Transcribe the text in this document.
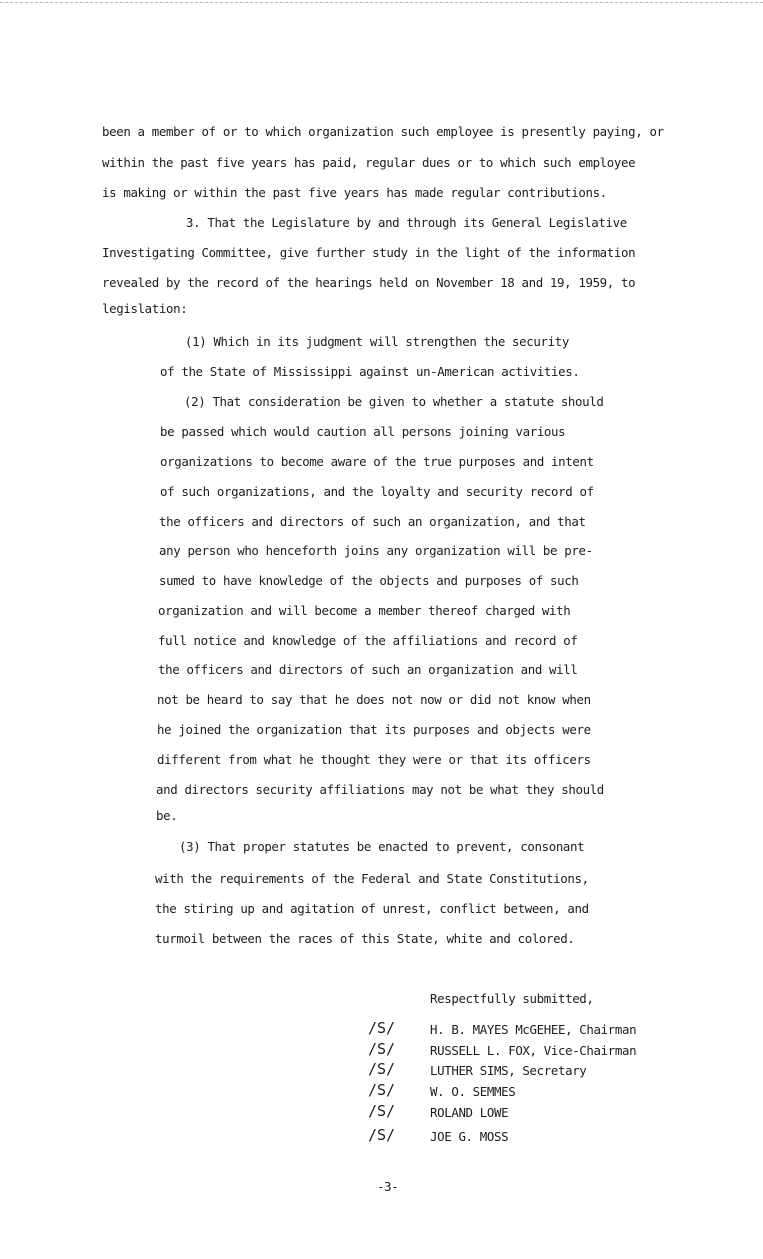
been a member of or to which organization such employee is presently paying, or
within the past five years has paid, regular dues or to which such employee
is making or within the past five years has made regular contributions.
3. That the Legislature by and through its General Legislative
Investigating Committee, give further study in the light of the information
revealed by the record of the hearings held on November 18 and 19, 1959, to
legislation:
(1) Which in its judgment will strengthen the security
of the State of Mississippi against un-American activities.
(2) That consideration be given to whether a statute should
be passed which would caution all persons joining various
organizations to become aware of the true purposes and intent
of such organizations, and the loyalty and security record of
the officers and directors of such an organization, and that
any person who henceforth joins any organization will be pre-
sumed to have knowledge of the objects and purposes of such
organization and will become a member thereof charged with
full notice and knowledge of the affiliations and record of
the officers and directors of such an organization and will
not be heard to say that he does not now or did not know when
he joined the organization that its purposes and objects were
different from what he thought they were or that its officers
and directors security affiliations may not be what they should
be.
(3) That proper statutes be enacted to prevent, consonant
with the requirements of the Federal and State Constitutions,
the stiring up and agitation of unrest, conflict between, and
turmoil between the races of this State, white and colored.
Respectfully submitted,
/S/	H. B. MAYES McGEHEE, Chairman
/S/	RUSSELL L. FOX, Vice-Chairman
/S/	LUTHER SIMS, Secretary
/S/	W. O. SEMMES
/S/	ROLAND LOWE
/S/	JOE G. MOSS
-3-
